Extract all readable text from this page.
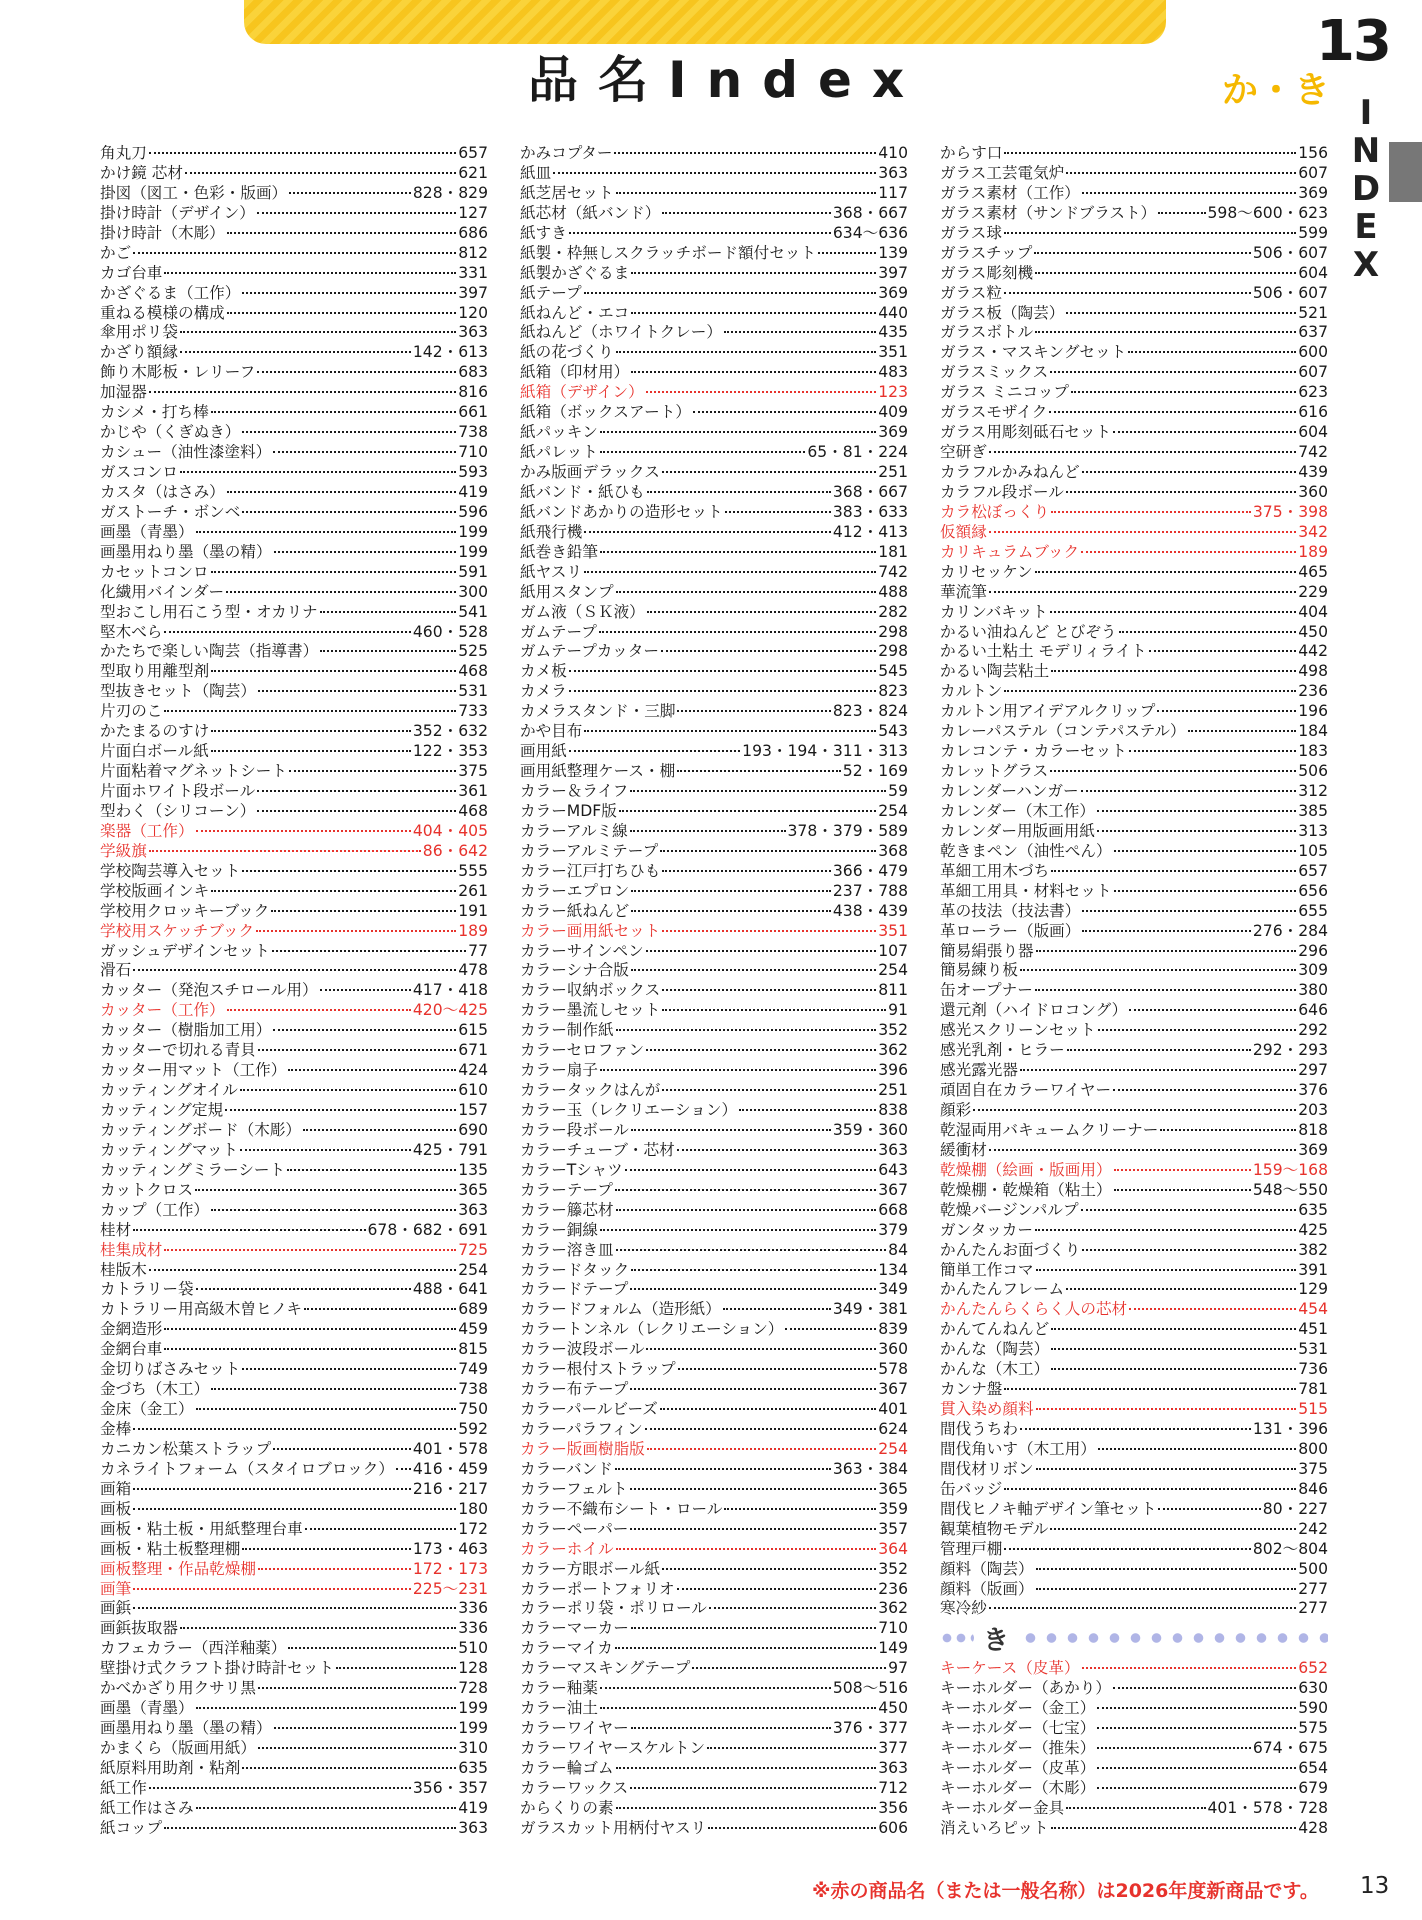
品名Index
13
か・き
I
N
D
E
X
角丸刀	657
かけ鏡 芯材	621
掛図（図工・色彩・版画）	828・829
掛け時計（デザイン）	127
掛け時計（木彫）	686
かご	812
カゴ台車	331
かざぐるま（工作）	397
重ねる模様の構成	120
傘用ポリ袋	363
かざり額縁	142・613
飾り木彫板・レリーフ	683
加湿器	816
カシメ・打ち棒	661
かじや（くぎぬき）	738
カシュー（油性漆塗料）	710
ガスコンロ	593
カスタ（はさみ）	419
ガストーチ・ボンベ	596
画墨（青墨）	199
画墨用ねり墨（墨の精）	199
カセットコンロ	591
化繊用バインダー	300
型おこし用石こう型・オカリナ	541
堅木べら	460・528
かたちで楽しい陶芸（指導書）	525
型取り用離型剤	468
型抜きセット（陶芸）	531
片刃のこ	733
かたまるのすけ	352・632
片面白ボール紙	122・353
片面粘着マグネットシート	375
片面ホワイト段ボール	361
型わく（シリコーン）	468
楽器（工作）	404・405
学級旗	86・642
学校陶芸導入セット	555
学校版画インキ	261
学校用クロッキーブック	191
学校用スケッチブック	189
ガッシュデザインセット	77
滑石	478
カッター（発泡スチロール用）	417・418
カッター（工作）	420〜425
カッター（樹脂加工用）	615
カッターで切れる青貝	671
カッター用マット（工作）	424
カッティングオイル	610
カッティング定規	157
カッティングボード（木彫）	690
カッティングマット	425・791
カッティングミラーシート	135
カットクロス	365
カップ（工作）	363
桂材	678・682・691
桂集成材	725
桂版木	254
カトラリー袋	488・641
カトラリー用高級木曽ヒノキ	689
金網造形	459
金網台車	815
金切りばさみセット	749
金づち（木工）	738
金床（金工）	750
金棒	592
カニカン松葉ストラップ	401・578
カネライトフォーム（スタイロブロック） 416・459
画箱	216・217
画板	180
画板・粘土板・用紙整理台車	172
画板・粘土板整理棚	173・463
画板整理・作品乾燥棚	172・173
画筆	225〜231
画鋲	336
画鋲抜取器	336
カフェカラー（西洋釉薬）	510
壁掛け式クラフト掛け時計セット	128
かべかざり用クサリ黒	728
画墨（青墨）	199
画墨用ねり墨（墨の精）	199
かまくら（版画用紙）	310
紙原料用助剤・粘剤	635
紙工作	356・357
紙工作はさみ	419
紙コップ	363
かみコプター	410
紙皿	363
紙芝居セット	117
紙芯材（紙バンド）	368・667
紙すき	634〜636
紙製・枠無しスクラッチボード額付セット	139
紙製かざぐるま	397
紙テープ	369
紙ねんど・エコ	440
紙ねんど（ホワイトクレー）	435
紙の花づくり	351
紙箱（印材用）	483
紙箱（デザイン）	123
紙箱（ボックスアート）	409
紙パッキン	369
紙パレット	65・81・224
かみ版画デラックス	251
紙バンド・紙ひも	368・667
紙バンドあかりの造形セット	383・633
紙飛行機	412・413
紙巻き鉛筆	181
紙ヤスリ	742
紙用スタンプ	488
ガム液（ＳＫ液）	282
ガムテープ	298
ガムテープカッター	298
カメ板	545
カメラ	823
カメラスタンド・三脚	823・824
かや目布	543
画用紙	193・194・311・313
画用紙整理ケース・棚	52・169
カラー＆ライフ	59
カラーMDF版	254
カラーアルミ線	378・379・589
カラーアルミテープ	368
カラー江戸打ちひも	366・479
カラーエプロン	237・788
カラー紙ねんど	438・439
カラー画用紙セット	351
カラーサインペン	107
カラーシナ合版	254
カラー収納ボックス	811
カラー墨流しセット	91
カラー制作紙	352
カラーセロファン	362
カラー扇子	396
カラータックはんが	251
カラー玉（レクリエーション）	838
カラー段ボール	359・360
カラーチューブ・芯材	363
カラーTシャツ	643
カラーテープ	367
カラー籐芯材	668
カラー銅線	379
カラー溶き皿	84
カラードタック	134
カラードテープ	349
カラードフォルム（造形紙）	349・381
カラートンネル（レクリエーション）	839
カラー波段ボール	360
カラー根付ストラップ	578
カラー布テープ	367
カラーパールビーズ	401
カラーパラフィン	624
カラー版画樹脂版	254
カラーバンド	363・384
カラーフェルト	365
カラー不織布シート・ロール	359
カラーペーパー	357
カラーホイル	364
カラー方眼ボール紙	352
カラーポートフォリオ	236
カラーポリ袋・ポリロール	362
カラーマーカー	710
カラーマイカ	149
カラーマスキングテープ	97
カラー釉薬	508〜516
カラー油土	450
カラーワイヤー	376・377
カラーワイヤースケルトン	377
カラー輪ゴム	363
カラーワックス	712
からくりの素	356
ガラスカット用柄付ヤスリ	606
からす口	156
ガラス工芸電気炉	607
ガラス素材（工作）	369
ガラス素材（サンドブラスト）	598〜600・623
ガラス球	599
ガラスチップ	506・607
ガラス彫刻機	604
ガラス粒	506・607
ガラス板（陶芸）	521
ガラスボトル	637
ガラス・マスキングセット	600
ガラスミックス	607
ガラス ミニコップ	623
ガラスモザイク	616
ガラス用彫刻砥石セット	604
空研ぎ	742
カラフルかみねんど	439
カラフル段ボール	360
カラ松ぼっくり	375・398
仮額縁	342
カリキュラムブック	189
カリセッケン	465
華流筆	229
カリンバキット	404
かるい油ねんど とびぞう	450
かるい土粘土 モデリィライト	442
かるい陶芸粘土	498
カルトン	236
カルトン用アイデアルクリップ	196
カレーパステル（コンテパステル）	184
カレコンテ・カラーセット	183
カレットグラス	506
カレンダーハンガー	312
カレンダー（木工作）	385
カレンダー用版画用紙	313
乾きまペン（油性ぺん）	105
革細工用木づち	657
革細工用具・材料セット	656
革の技法（技法書）	655
革ローラー（版画）	276・284
簡易絹張り器	296
簡易練り板	309
缶オープナー	380
還元剤（ハイドロコング）	646
感光スクリーンセット	292
感光乳剤・ヒラー	292・293
感光露光器	297
頑固自在カラーワイヤー	376
顔彩	203
乾湿両用バキュームクリーナー	818
緩衝材	369
乾燥棚（絵画・版画用）	159〜168
乾燥棚・乾燥箱（粘土）	548〜550
乾燥バージンパルプ	635
ガンタッカー	425
かんたんお面づくり	382
簡単工作コマ	391
かんたんフレーム	129
かんたんらくらく人の芯材	454
かんてんねんど	451
かんな（陶芸）	531
かんな（木工）	736
カンナ盤	781
貫入染め顔料	515
間伐うちわ	131・396
間伐角いす（木工用）	800
間伐材リボン	375
缶バッジ	846
間伐ヒノキ軸デザイン筆セット	80・227
観葉植物モデル	242
管理戸棚	802〜804
顔料（陶芸）	500
顔料（版画）	277
寒冷紗	277
き
キーケース（皮革）	652
キーホルダー（あかり）	630
キーホルダー（金工）	590
キーホルダー（七宝）	575
キーホルダー（推朱）	674・675
キーホルダー（皮革）	654
キーホルダー（木彫）	679
キーホルダー金具	401・578・728
消えいろピット	428
※赤の商品名（または一般名称）は2026年度新商品です。	13
